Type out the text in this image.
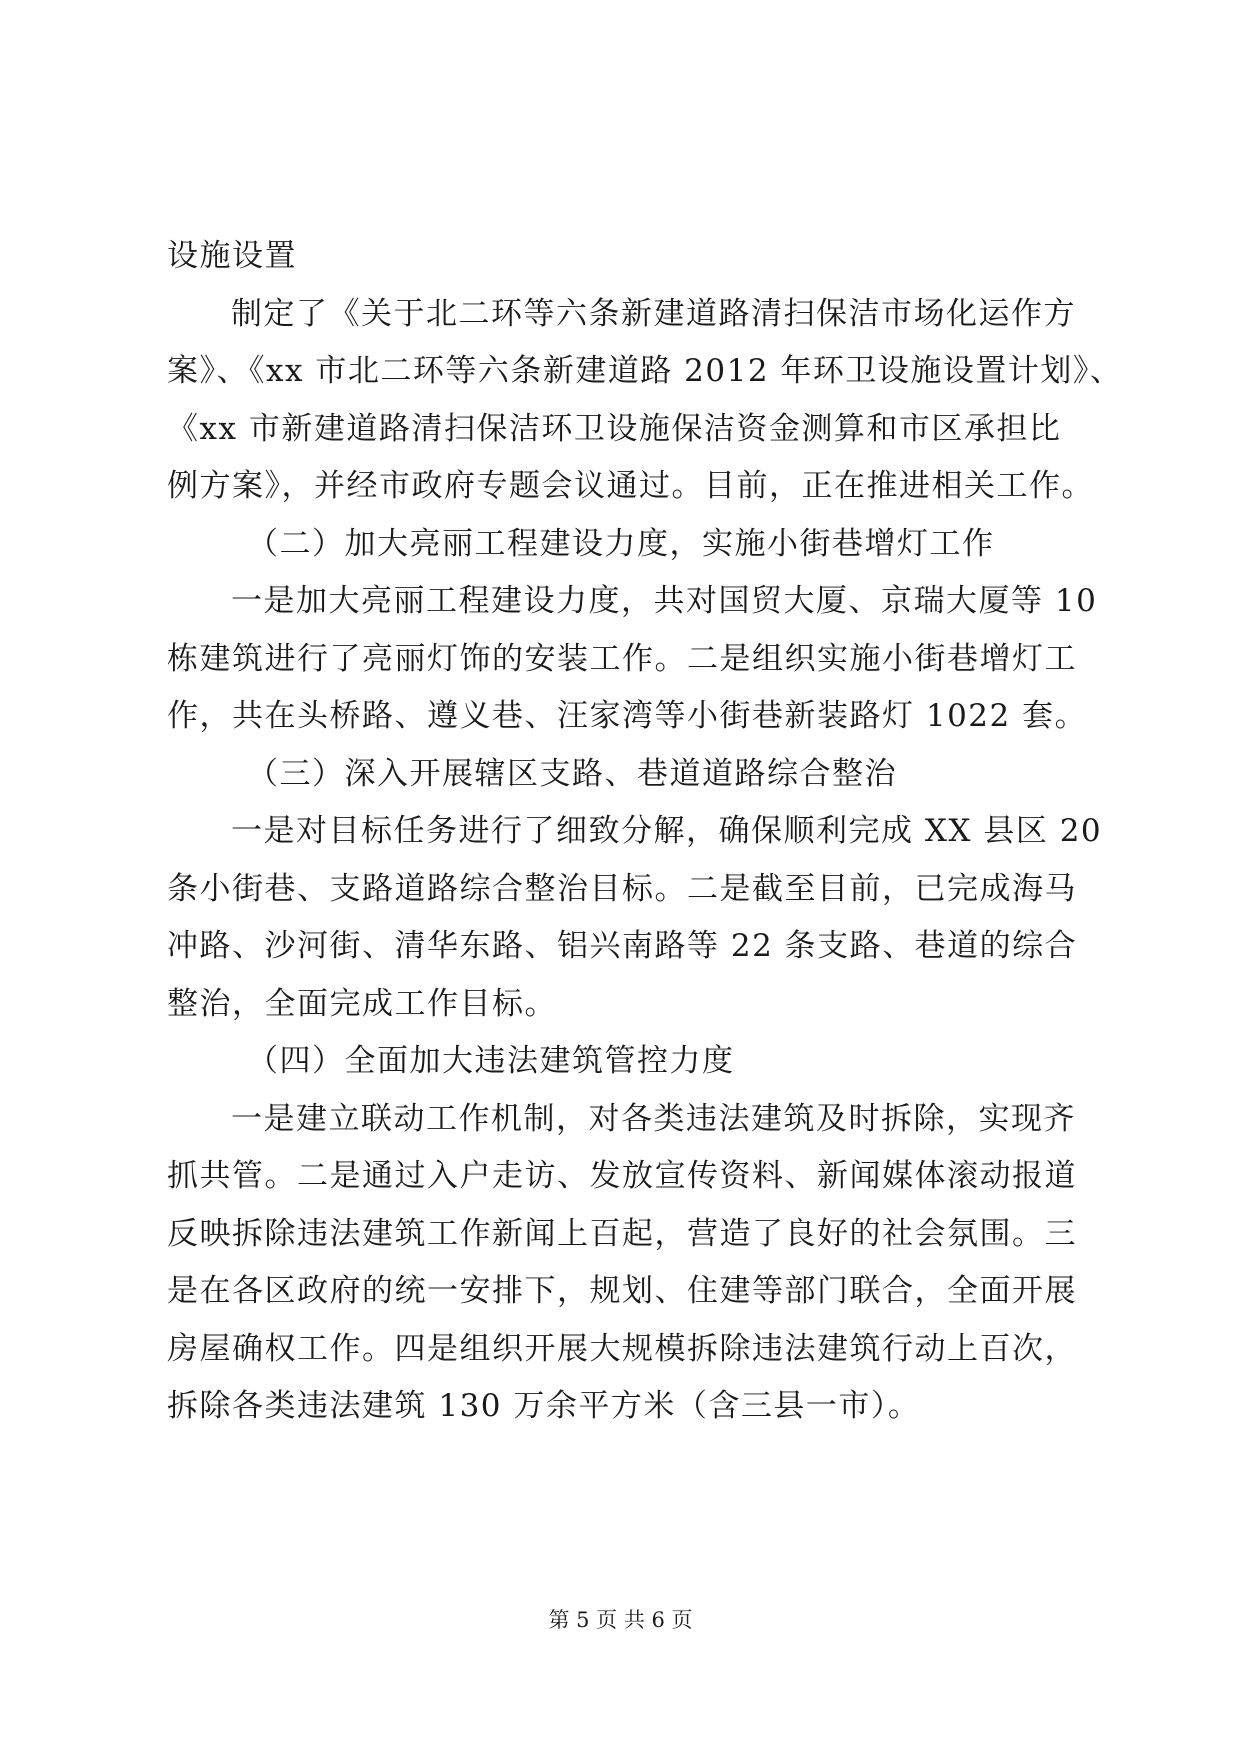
设施设置
制定了《关于北二环等六条新建道路清扫保洁市场化运作方
案》、《xx 市北二环等六条新建道路 2012 年环卫设施设置计划》、
《xx 市新建道路清扫保洁环卫设施保洁资金测算和市区承担比
例方案》，并经市政府专题会议通过。目前，正在推进相关工作。
（二）加大亮丽工程建设力度，实施小街巷增灯工作
一是加大亮丽工程建设力度，共对国贸大厦、京瑞大厦等 10
栋建筑进行了亮丽灯饰的安装工作。二是组织实施小街巷增灯工
作，共在头桥路、遵义巷、汪家湾等小街巷新装路灯 1022 套。
（三）深入开展辖区支路、巷道道路综合整治
一是对目标任务进行了细致分解，确保顺利完成 XX 县区 20
条小街巷、支路道路综合整治目标。二是截至目前，已完成海马
冲路、沙河街、清华东路、铝兴南路等 22 条支路、巷道的综合
整治，全面完成工作目标。
（四）全面加大违法建筑管控力度
一是建立联动工作机制，对各类违法建筑及时拆除，实现齐
抓共管。二是通过入户走访、发放宣传资料、新闻媒体滚动报道
反映拆除违法建筑工作新闻上百起，营造了良好的社会氛围。三
是在各区政府的统一安排下，规划、住建等部门联合，全面开展
房屋确权工作。四是组织开展大规模拆除违法建筑行动上百次，
拆除各类违法建筑 130 万余平方米（含三县一市）。
第 5 页 共 6 页
